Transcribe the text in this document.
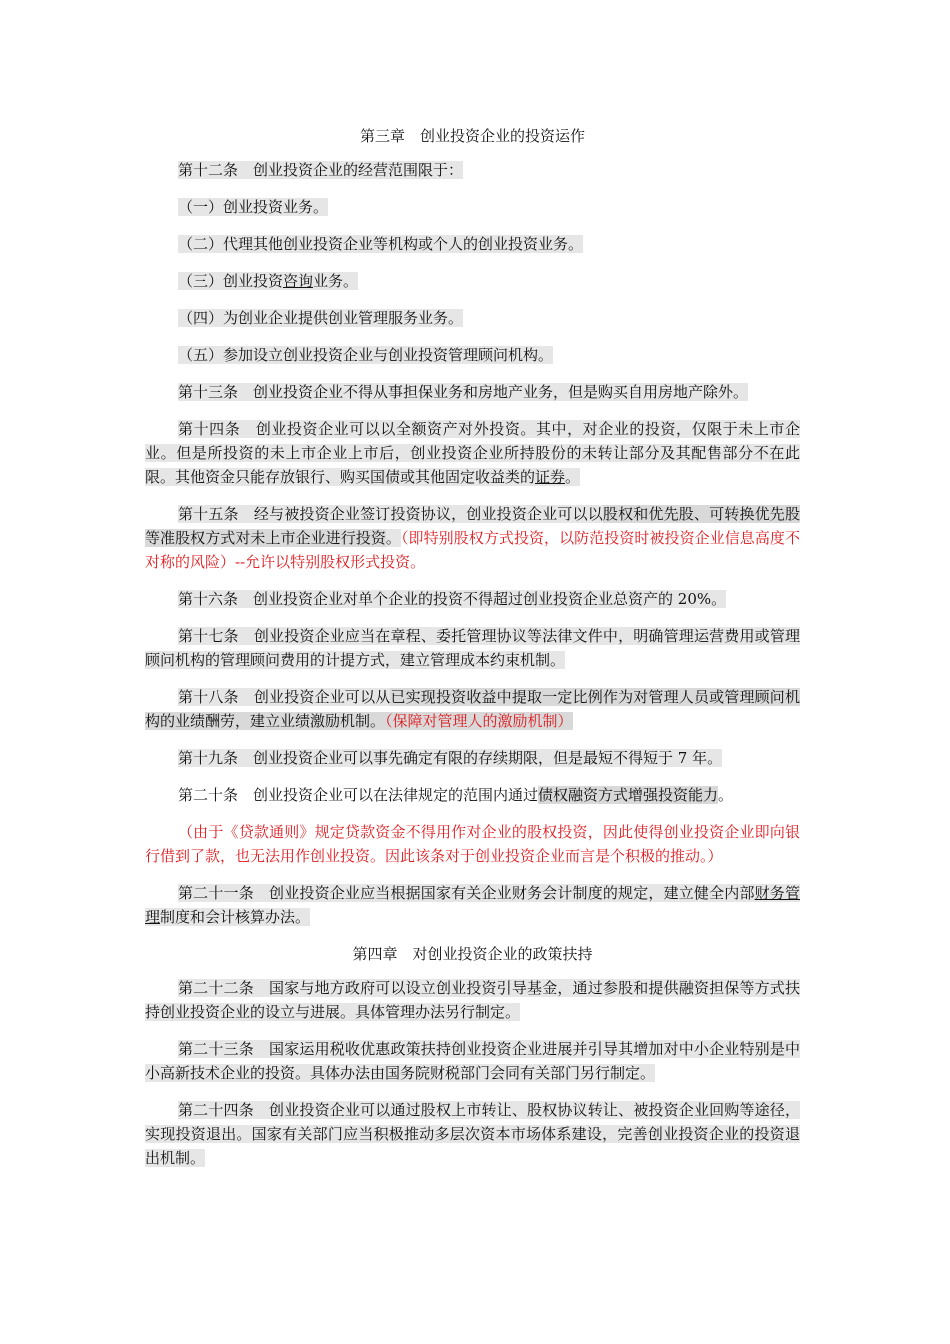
第三章　创业投资企业的投资运作

第十二条　创业投资企业的经营范围限于：

（一）创业投资业务。

（二）代理其他创业投资企业等机构或个人的创业投资业务。

（三）创业投资咨询业务。

（四）为创业企业提供创业管理服务业务。

（五）参加设立创业投资企业与创业投资管理顾问机构。

第十三条　创业投资企业不得从事担保业务和房地产业务，但是购买自用房地产除外。

第十四条　创业投资企业可以以全额资产对外投资。其中，对企业的投资，仅限于未上市企业。但是所投资的未上市企业上市后，创业投资企业所持股份的未转让部分及其配售部分不在此限。其他资金只能存放银行、购买国债或其他固定收益类的证券。

第十五条　经与被投资企业签订投资协议，创业投资企业可以以股权和优先股、可转换优先股等准股权方式对未上市企业进行投资。（即特别股权方式投资，以防范投资时被投资企业信息高度不对称的风险）--允许以特别股权形式投资。

第十六条　创业投资企业对单个企业的投资不得超过创业投资企业总资产的 20%。

第十七条　创业投资企业应当在章程、委托管理协议等法律文件中，明确管理运营费用或管理顾问机构的管理顾问费用的计提方式，建立管理成本约束机制。

第十八条　创业投资企业可以从已实现投资收益中提取一定比例作为对管理人员或管理顾问机构的业绩酬劳，建立业绩激励机制。（保障对管理人的激励机制）

第十九条　创业投资企业可以事先确定有限的存续期限，但是最短不得短于 7 年。

第二十条　创业投资企业可以在法律规定的范围内通过债权融资方式增强投资能力。

（由于《贷款通则》规定贷款资金不得用作对企业的股权投资，因此使得创业投资企业即向银行借到了款，也无法用作创业投资。因此该条对于创业投资企业而言是个积极的推动。）

第二十一条　创业投资企业应当根据国家有关企业财务会计制度的规定，建立健全内部财务管理制度和会计核算办法。

第四章　对创业投资企业的政策扶持

第二十二条　国家与地方政府可以设立创业投资引导基金，通过参股和提供融资担保等方式扶持创业投资企业的设立与进展。具体管理办法另行制定。

第二十三条　国家运用税收优惠政策扶持创业投资企业进展并引导其增加对中小企业特别是中小高新技术企业的投资。具体办法由国务院财税部门会同有关部门另行制定。

第二十四条　创业投资企业可以通过股权上市转让、股权协议转让、被投资企业回购等途径，实现投资退出。国家有关部门应当积极推动多层次资本市场体系建设，完善创业投资企业的投资退出机制。
